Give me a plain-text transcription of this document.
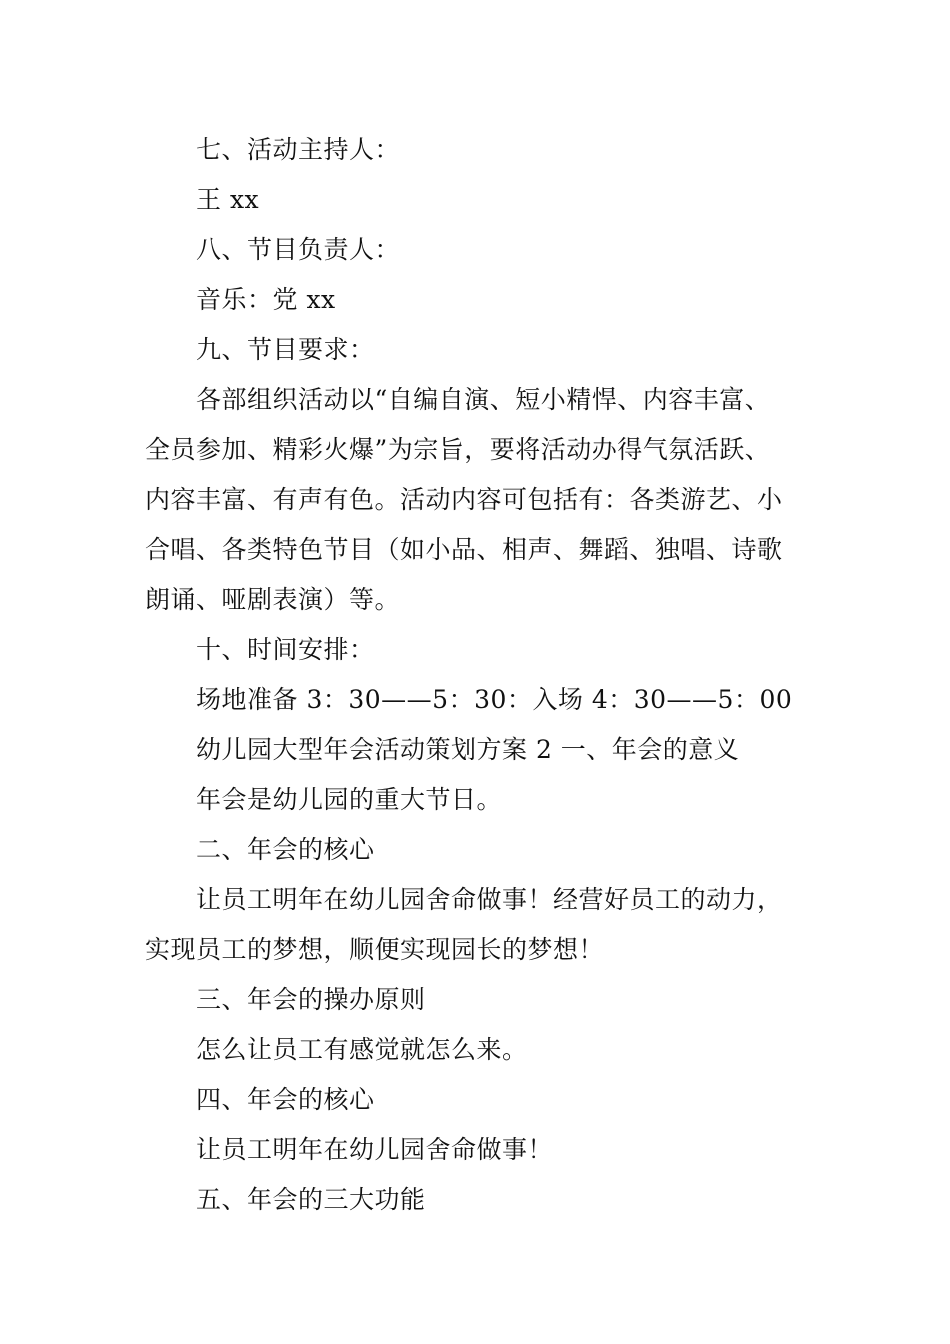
七、活动主持人：
王 xx
八、节目负责人：
音乐：党 xx
九、节目要求：
各部组织活动以“自编自演、短小精悍、内容丰富、
全员参加、精彩火爆”为宗旨，要将活动办得气氛活跃、
内容丰富、有声有色。活动内容可包括有：各类游艺、小
合唱、各类特色节目（如小品、相声、舞蹈、独唱、诗歌
朗诵、哑剧表演）等。
十、时间安排：
场地准备 3：30——5：30：入场 4：30——5：00
幼儿园大型年会活动策划方案 2 一、年会的意义
年会是幼儿园的重大节日。
二、年会的核心
让员工明年在幼儿园舍命做事！经营好员工的动力，
实现员工的梦想，顺便实现园长的梦想！
三、年会的操办原则
怎么让员工有感觉就怎么来。
四、年会的核心
让员工明年在幼儿园舍命做事！
五、年会的三大功能
